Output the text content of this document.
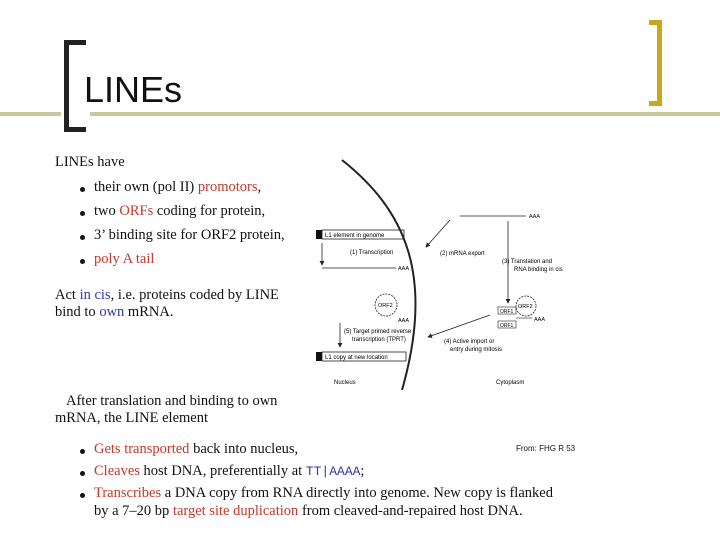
LINEs
LINEs have
their own (pol II) promotors,
two ORFs coding for protein,
3’ binding site for ORF2 protein,
poly A tail
Act in cis, i.e. proteins coded by LINE
bind to own mRNA.
After translation and binding to own
mRNA, the LINE element
Gets transported back into nucleus,
Cleaves host DNA, preferentially at TT|AAAA;
Transcribes a DNA copy from RNA directly into genome. New copy is flanked
by a 7–20 bp target site duplication from cleaved-and-repaired host DNA.
From: FHG R 53
L1 element in genome
(1) Transcription
AAA
(2) mRNA export
AAA
(3) Translation and
RNA binding in cis
ORF2
AAA
ORF2
ORF1
ORF1
AAA
(5) Target primed reverse
transcription (TPRT)	(4) Active import or
entry during mitosis
L1 copy at new location
Nucleus	Cytoplasm
